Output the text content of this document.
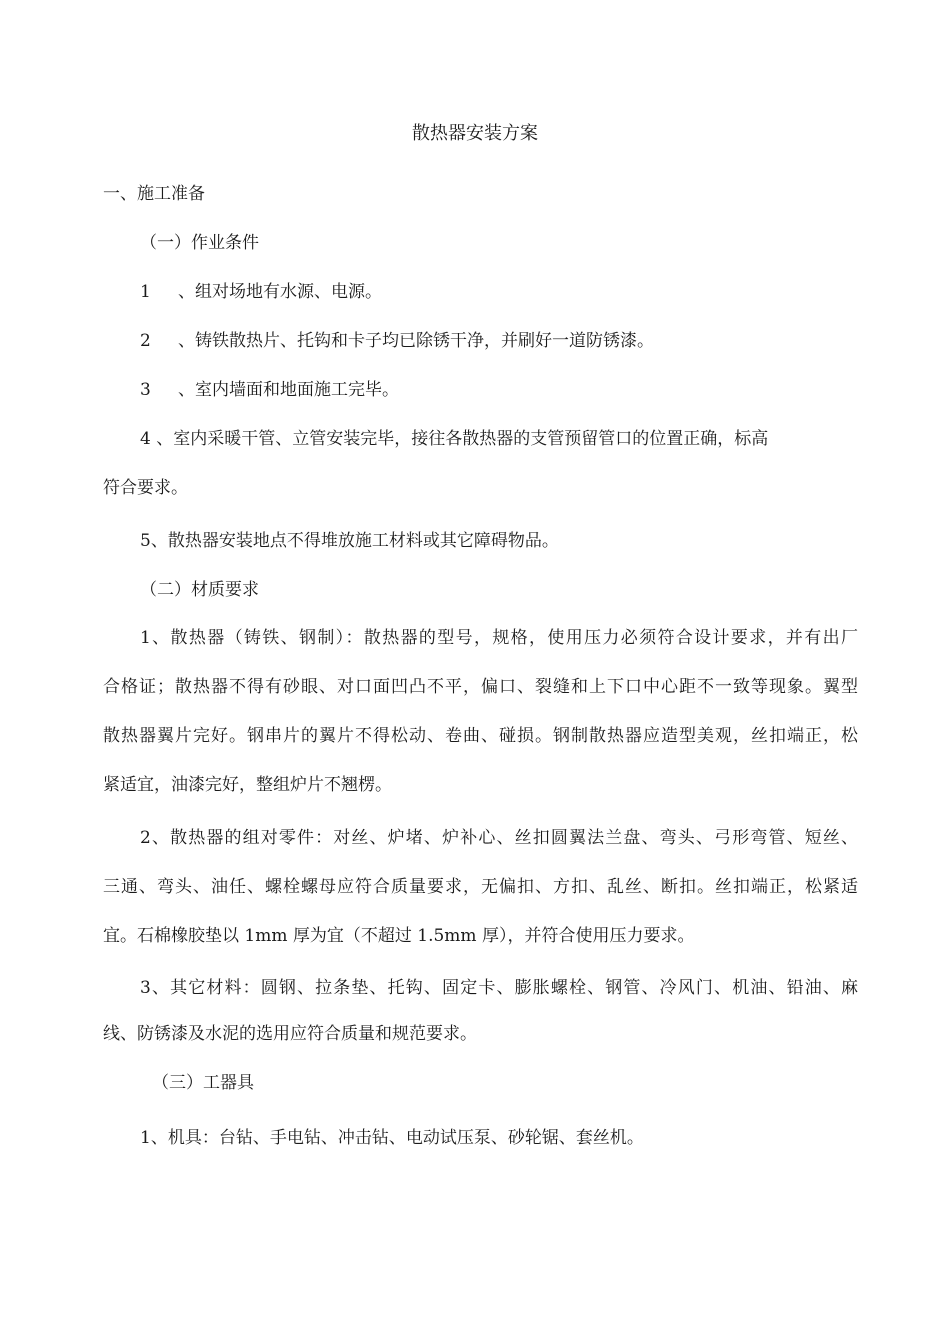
散热器安装方案
一、施工准备
（一）作业条件
1 、组对场地有水源、电源。
2 、铸铁散热片、托钩和卡子均已除锈干净，并刷好一道防锈漆。
3 、室内墙面和地面施工完毕。
4 、室内采暖干管、立管安装完毕，接往各散热器的支管预留管口的位置正确，标高
符合要求。
5、散热器安装地点不得堆放施工材料或其它障碍物品。
（二）材质要求
1、散热器（铸铁、钢制）：散热器的型号，规格，使用压力必须符合设计要求，并有出厂
合格证；散热器不得有砂眼、对口面凹凸不平，偏口、裂缝和上下口中心距不一致等现象。翼型
散热器翼片完好。钢串片的翼片不得松动、卷曲、碰损。钢制散热器应造型美观，丝扣端正，松
紧适宜，油漆完好，整组炉片不翘楞。
2、散热器的组对零件：对丝、炉堵、炉补心、丝扣圆翼法兰盘、弯头、弓形弯管、短丝、
三通、弯头、油任、螺栓螺母应符合质量要求，无偏扣、方扣、乱丝、断扣。丝扣端正，松紧适
宜。石棉橡胶垫以 1mm 厚为宜（不超过 1.5mm 厚），并符合使用压力要求。
3、其它材料：圆钢、拉条垫、托钩、固定卡、膨胀螺栓、钢管、冷风门、机油、铅油、麻
线、防锈漆及水泥的选用应符合质量和规范要求。
（三）工器具
1、机具：台钻、手电钻、冲击钻、电动试压泵、砂轮锯、套丝机。
